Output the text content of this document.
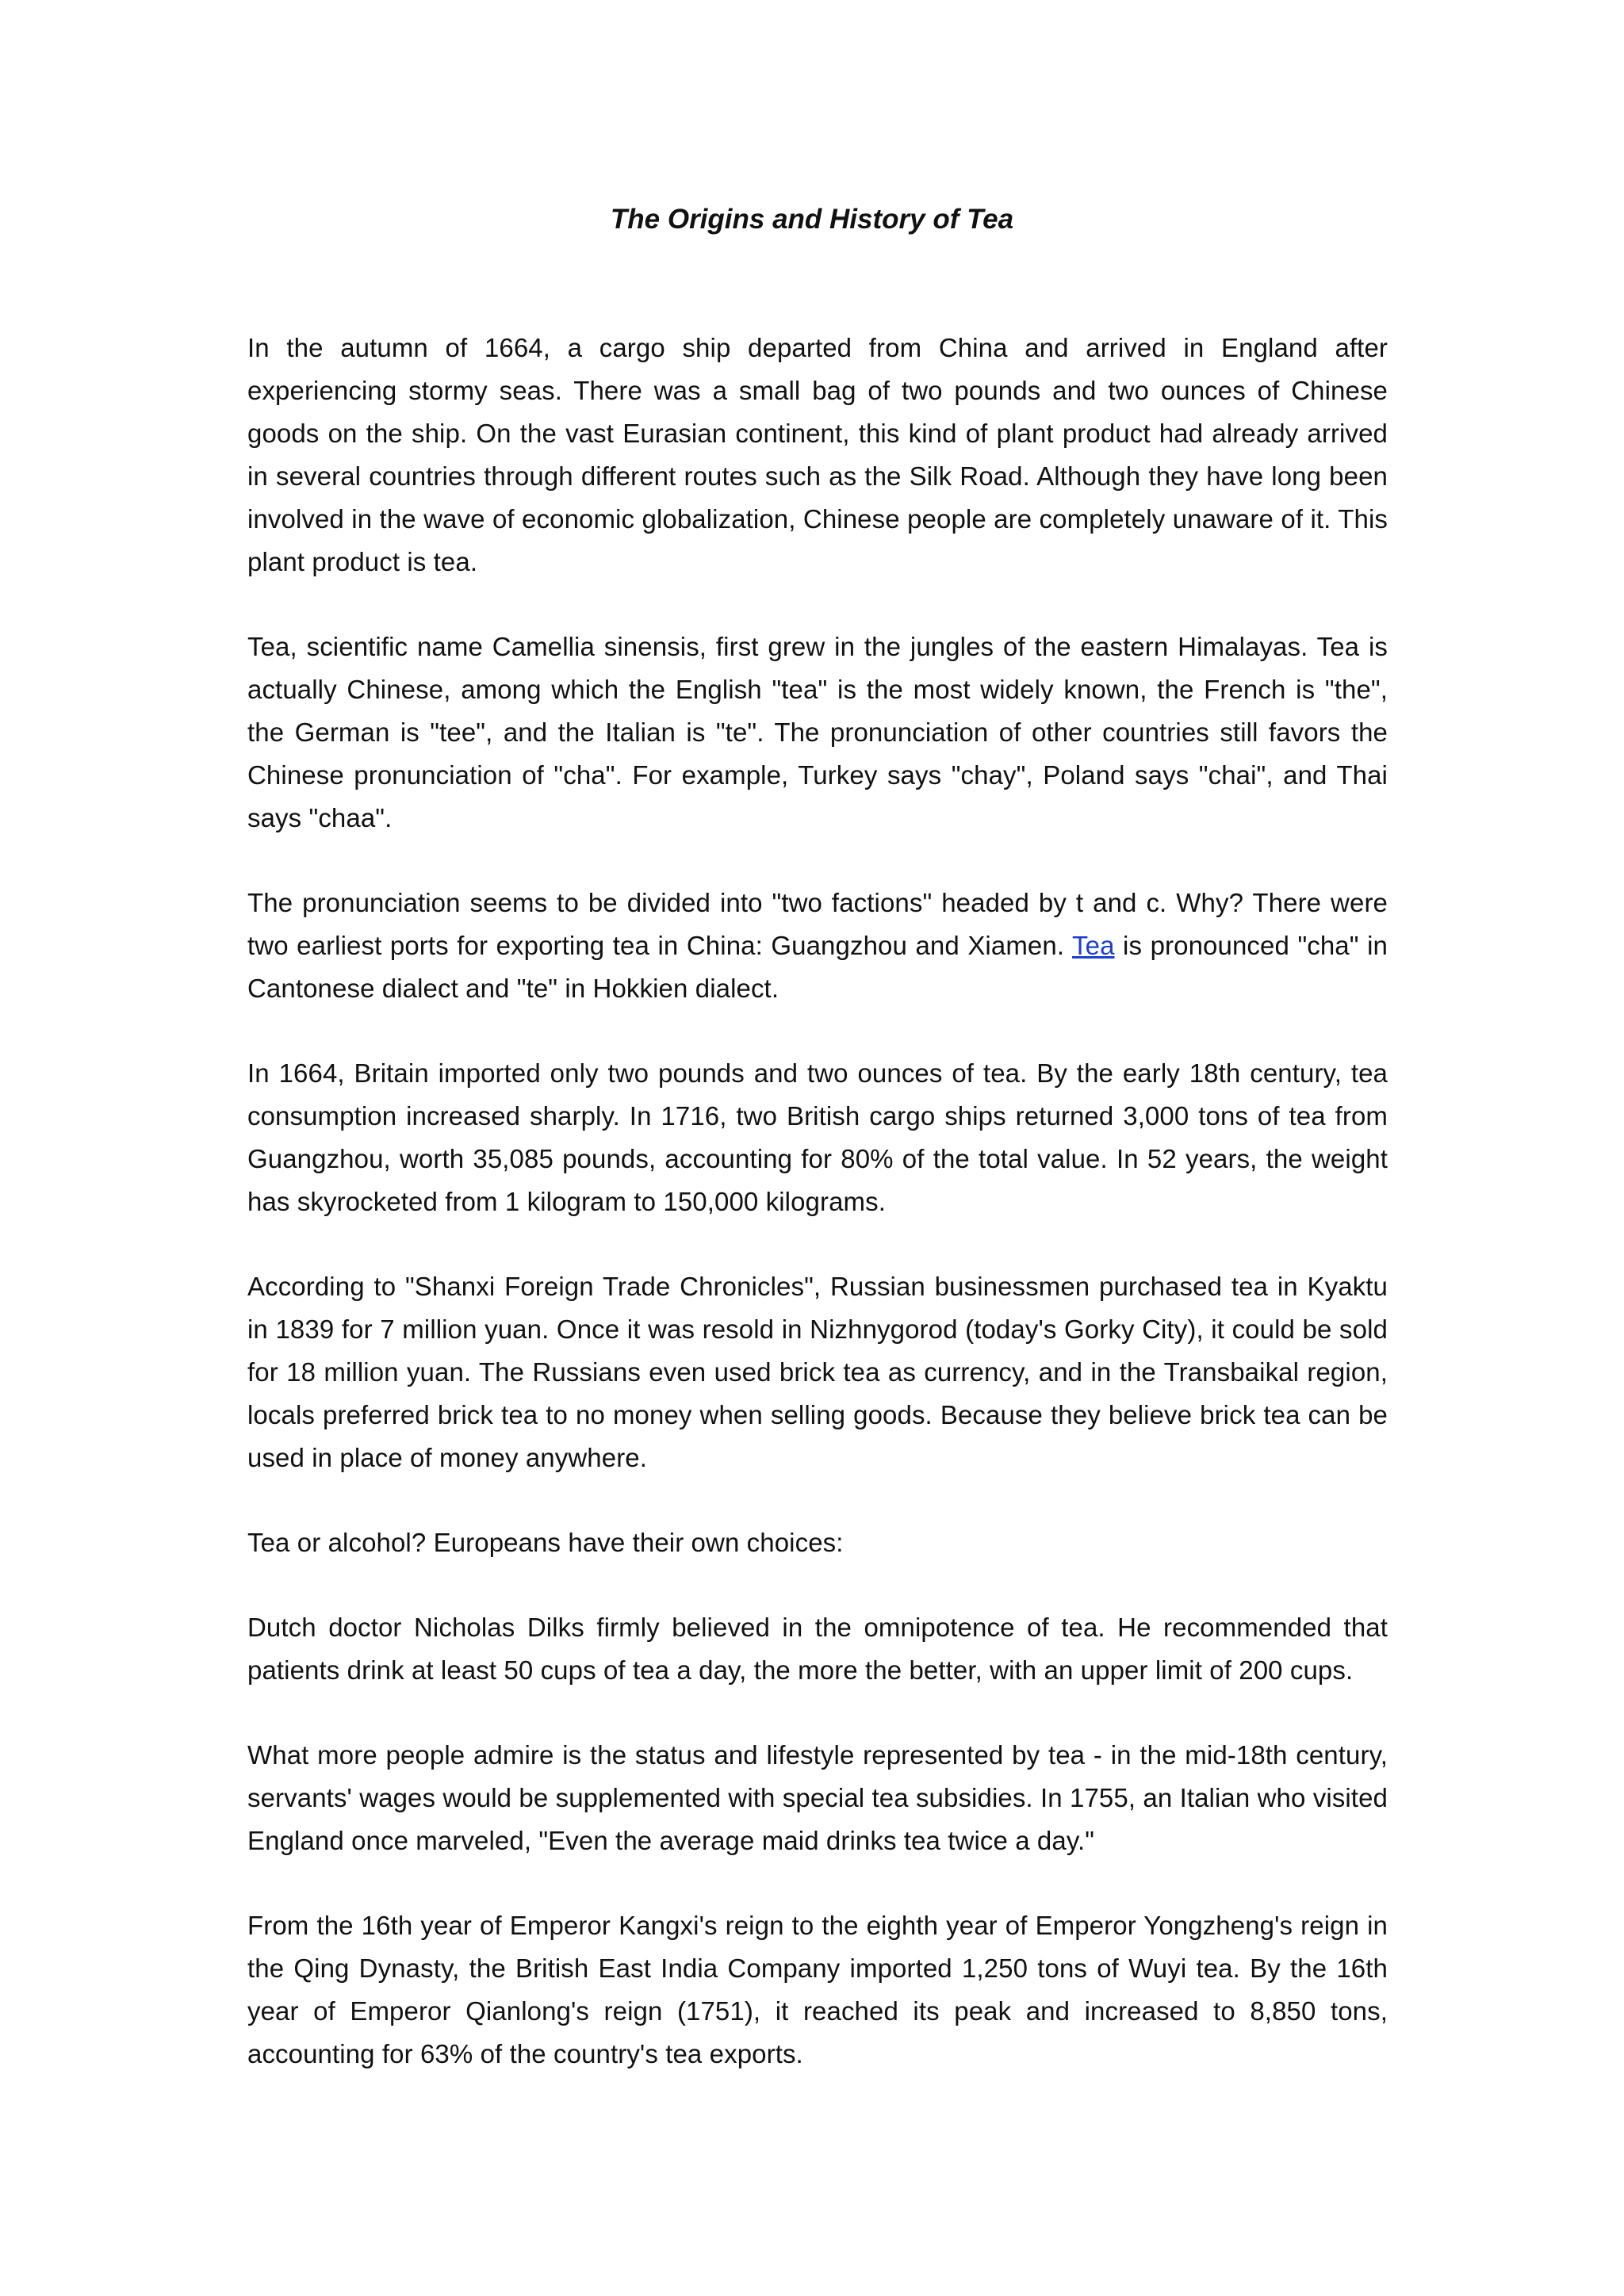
The Origins and History of Tea

In the autumn of 1664, a cargo ship departed from China and arrived in England after experiencing stormy seas. There was a small bag of two pounds and two ounces of Chinese goods on the ship. On the vast Eurasian continent, this kind of plant product had already arrived in several countries through different routes such as the Silk Road. Although they have long been involved in the wave of economic globalization, Chinese people are completely unaware of it. This plant product is tea.

Tea, scientific name Camellia sinensis, first grew in the jungles of the eastern Himalayas. Tea is actually Chinese, among which the English "tea" is the most widely known, the French is "the", the German is "tee", and the Italian is "te". The pronunciation of other countries still favors the Chinese pronunciation of "cha". For example, Turkey says "chay", Poland says "chai", and Thai says "chaa".

The pronunciation seems to be divided into "two factions" headed by t and c. Why? There were two earliest ports for exporting tea in China: Guangzhou and Xiamen. Tea is pronounced "cha" in Cantonese dialect and "te" in Hokkien dialect.

In 1664, Britain imported only two pounds and two ounces of tea. By the early 18th century, tea consumption increased sharply. In 1716, two British cargo ships returned 3,000 tons of tea from Guangzhou, worth 35,085 pounds, accounting for 80% of the total value. In 52 years, the weight has skyrocketed from 1 kilogram to 150,000 kilograms.

According to "Shanxi Foreign Trade Chronicles", Russian businessmen purchased tea in Kyaktu in 1839 for 7 million yuan. Once it was resold in Nizhnygorod (today's Gorky City), it could be sold for 18 million yuan. The Russians even used brick tea as currency, and in the Transbaikal region, locals preferred brick tea to no money when selling goods. Because they believe brick tea can be used in place of money anywhere.

Tea or alcohol? Europeans have their own choices:

Dutch doctor Nicholas Dilks firmly believed in the omnipotence of tea. He recommended that patients drink at least 50 cups of tea a day, the more the better, with an upper limit of 200 cups.

What more people admire is the status and lifestyle represented by tea - in the mid-18th century, servants' wages would be supplemented with special tea subsidies. In 1755, an Italian who visited England once marveled, "Even the average maid drinks tea twice a day."

From the 16th year of Emperor Kangxi's reign to the eighth year of Emperor Yongzheng's reign in the Qing Dynasty, the British East India Company imported 1,250 tons of Wuyi tea. By the 16th year of Emperor Qianlong's reign (1751), it reached its peak and increased to 8,850 tons, accounting for 63% of the country's tea exports.
